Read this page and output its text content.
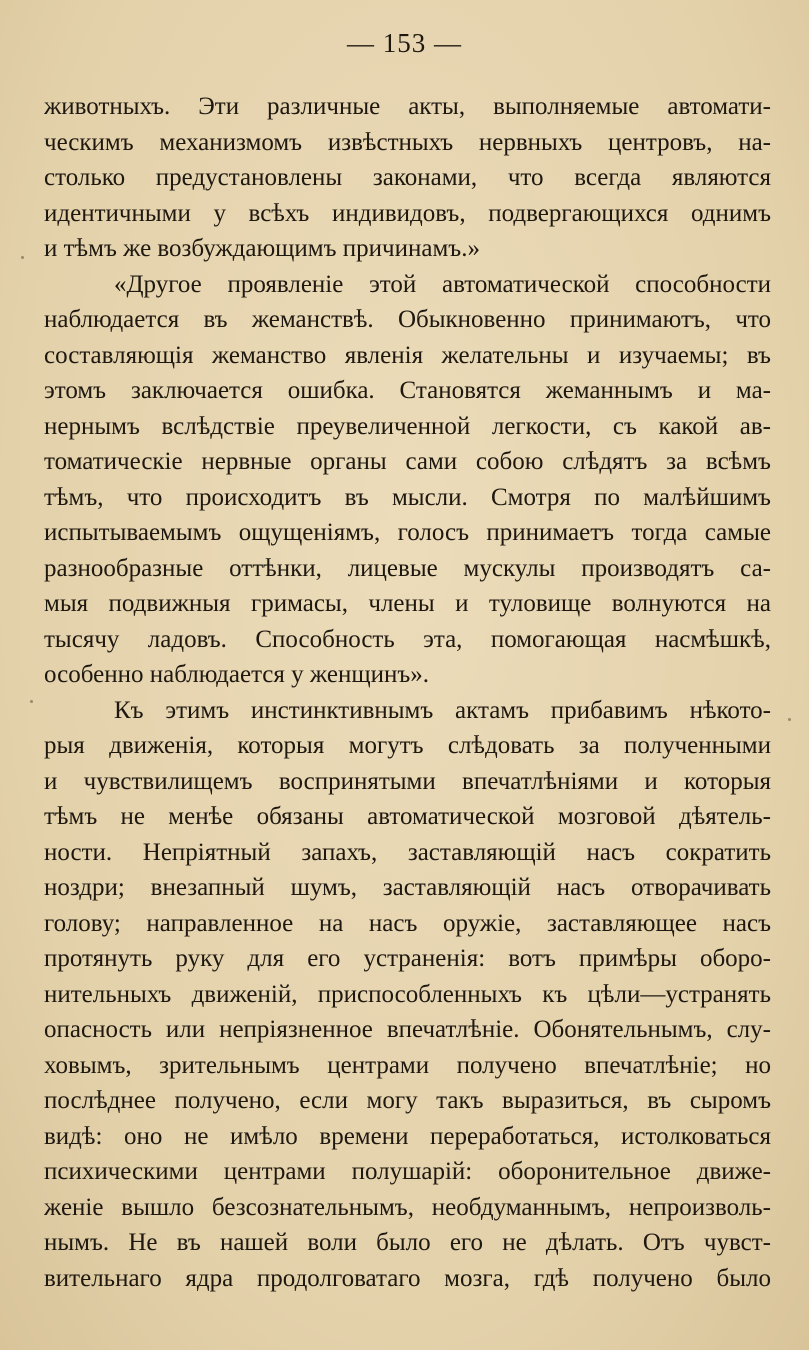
— 153 —
животныхъ. Эти различные акты, выполняемые автомати-
ческимъ механизмомъ извѣстныхъ нервныхъ центровъ, на-
столько предустановлены законами, что всегда являются
идентичными у всѣхъ индивидовъ, подвергающихся однимъ
и тѣмъ же возбуждающимъ причинамъ.»
«Другое проявленіе этой автоматической способности
наблюдается въ жеманствѣ. Обыкновенно принимаютъ, что
составляющія жеманство явленія желательны и изучаемы; въ
этомъ заключается ошибка. Становятся жеманнымъ и ма-
нернымъ вслѣдствіе преувеличенной легкости, съ какой ав-
томатическіе нервные органы сами собою слѣдятъ за всѣмъ
тѣмъ, что происходитъ въ мысли. Смотря по малѣйшимъ
испытываемымъ ощущеніямъ, голосъ принимаетъ тогда самые
разнообразные оттѣнки, лицевые мускулы производятъ са-
мыя подвижныя гримасы, члены и туловище волнуются на
тысячу ладовъ. Способность эта, помогающая насмѣшкѣ,
особенно наблюдается у женщинъ».
Къ этимъ инстинктивнымъ актамъ прибавимъ нѣкото-
рыя движенія, которыя могутъ слѣдовать за полученными
и чувствилищемъ воспринятыми впечатлѣніями и которыя
тѣмъ не менѣе обязаны автоматической мозговой дѣятель-
ности. Непріятный запахъ, заставляющій насъ сократить
ноздри; внезапный шумъ, заставляющій насъ отворачивать
голову; направленное на насъ оружіе, заставляющее насъ
протянуть руку для его устраненія: вотъ примѣры оборо-
нительныхъ движеній, приспособленныхъ къ цѣли—устранять
опасность или непріязненное впечатлѣніе. Обонятельнымъ, слу-
ховымъ, зрительнымъ центрами получено впечатлѣніе; но
послѣднее получено, если могу такъ выразиться, въ сыромъ
видѣ: оно не имѣло времени переработаться, истолковаться
психическими центрами полушарій: оборонительное движе-
женіе вышло безсознательнымъ, необдуманнымъ, непроизволь-
нымъ. Не въ нашей воли было его не дѣлать. Отъ чувст-
вительнаго ядра продолговатаго мозга, гдѣ получено было
